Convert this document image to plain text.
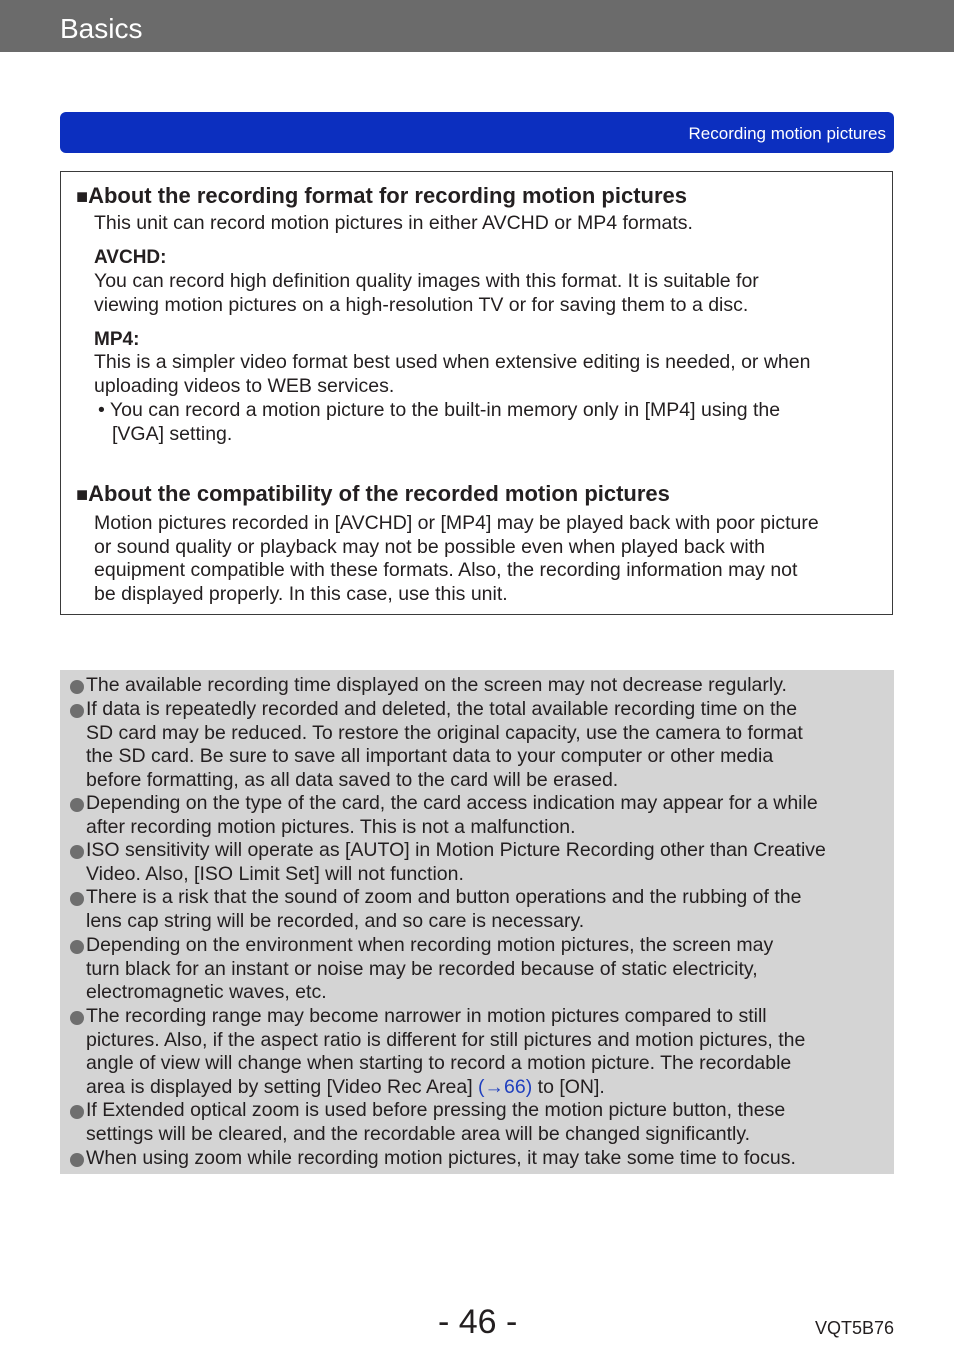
Basics
Recording motion pictures
■About the recording format for recording motion pictures
This unit can record motion pictures in either AVCHD or MP4 formats.
AVCHD:
You can record high definition quality images with this format. It is suitable for
viewing motion pictures on a high-resolution TV or for saving them to a disc.
MP4:
This is a simpler video format best used when extensive editing is needed, or when
uploading videos to WEB services.
• You can record a motion picture to the built-in memory only in [MP4] using the
[VGA] setting.
■About the compatibility of the recorded motion pictures
Motion pictures recorded in [AVCHD] or [MP4] may be played back with poor picture
or sound quality or playback may not be possible even when played back with
equipment compatible with these formats. Also, the recording information may not
be displayed properly. In this case, use this unit.
The available recording time displayed on the screen may not decrease regularly.
If data is repeatedly recorded and deleted, the total available recording time on the
SD card may be reduced. To restore the original capacity, use the camera to format
the SD card. Be sure to save all important data to your computer or other media
before formatting, as all data saved to the card will be erased.
Depending on the type of the card, the card access indication may appear for a while
after recording motion pictures. This is not a malfunction.
ISO sensitivity will operate as [AUTO] in Motion Picture Recording other than Creative
Video. Also, [ISO Limit Set] will not function.
There is a risk that the sound of zoom and button operations and the rubbing of the
lens cap string will be recorded, and so care is necessary.
Depending on the environment when recording motion pictures, the screen may
turn black for an instant or noise may be recorded because of static electricity,
electromagnetic waves, etc.
The recording range may become narrower in motion pictures compared to still
pictures. Also, if the aspect ratio is different for still pictures and motion pictures, the
angle of view will change when starting to record a motion picture. The recordable
area is displayed by setting [Video Rec Area] (→66) to [ON].
If Extended optical zoom is used before pressing the motion picture button, these
settings will be cleared, and the recordable area will be changed significantly.
When using zoom while recording motion pictures, it may take some time to focus.
- 46 -	VQT5B76
